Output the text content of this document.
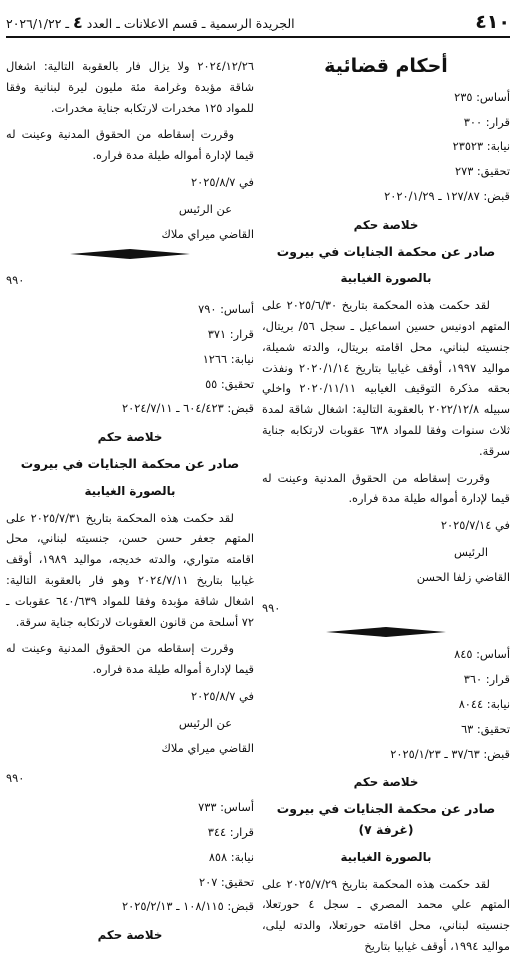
٤١٠
الجريدة الرسمية ـ قسم الاعلانات ـ العدد ٤ ـ ٢٠٢٦/١/٢٢
أحكام قضائية
أساس: ٢٣٥
قرار: ٣٠٠
نيابة: ٢٣٥٢٣
تحقيق: ٢٧٣
قبض: ١٢٧/٨٧ ـ ٢٠٢٠/١/٢٩
خلاصة حكم
صادر عن محكمة الجنايات في بيروت
بالصورة الغيابية

لقد حكمت هذه المحكمة بتاريخ ٢٠٢٥/٦/٣٠ على المتهم ادونيس حسين اسماعيل ـ سجل ٥٦/ بريتال، جنسيته لبناني، محل اقامته بريتال، والدته شميلة، مواليد ١٩٩٧، أوقف غيابيا بتاريخ ٢٠٢٠/١/١٤ ونفذت بحقه مذكرة التوقيف الغيابيه ٢٠٢٠/١١/١١ واخلي سبيله ٢٠٢٢/١٢/٨ بالعقوبة التالية: اشغال شاقة لمدة ثلاث سنوات وفقا للمواد ٦٣٨ عقوبات لارتكابه جناية سرقة.

وقررت إسقاطه من الحقوق المدنية وعينت له قيما لإدارة أمواله طيلة مدة فراره.

في ٢٠٢٥/٧/١٤
الرئيس
القاضي زلفا الحسن
٩٩٠
أساس: ٨٤٥
قرار: ٣٦٠
نيابة: ٨٠٤٤
تحقيق: ٦٣
قبض: ٣٧/٦٣ ـ ٢٠٢٥/١/٢٣
خلاصة حكم
صادر عن محكمة الجنايات في بيروت (غرفة ٧)
بالصورة الغيابية

لقد حكمت هذه المحكمة بتاريخ ٢٠٢٥/٧/٢٩ على المتهم علي محمد المصري ـ سجل ٤ حورتعلا، جنسيته لبناني، محل اقامته حورتعلا، والدته ليلى، مواليد ١٩٩٤، أوقف غيابيا بتاريخ

٢٠٢٤/١٢/٢٦ ولا يزال فار بالعقوبة التالية: اشغال شاقة مؤبدة وغرامة مئة مليون ليرة لبنانية وفقا للمواد ١٢٥ مخدرات لارتكابه جناية مخدرات.

وقررت إسقاطه من الحقوق المدنية وعينت له قيما لإدارة أمواله طيلة مدة فراره.

في ٢٠٢٥/٨/٧
عن الرئيس
القاضي ميراي ملاك
٩٩٠
أساس: ٧٩٠
قرار: ٣٧١
نيابة: ١٢٦٦
تحقيق: ٥٥
قبض: ٦٠٤/٤٢٣ ـ ٢٠٢٤/٧/١١
خلاصة حكم
صادر عن محكمة الجنايات في بيروت
بالصورة الغيابية

لقد حكمت هذه المحكمة بتاريخ ٢٠٢٥/٧/٣١ على المتهم جعفر حسن حسن، جنسيته لبناني، محل اقامته متواري، والدته خديجه، مواليد ١٩٨٩، أوقف غيابيا بتاريخ ٢٠٢٤/٧/١١ وهو فار بالعقوبة التالية: اشغال شاقة مؤبدة وفقا للمواد ٦٤٠/٦٣٩ عقوبات ـ ٧٢ أسلحة من قانون العقوبات لارتكابه جناية سرقة.

وقررت إسقاطه من الحقوق المدنية وعينت له قيما لإدارة أمواله طيلة مدة فراره.

في ٢٠٢٥/٨/٧
عن الرئيس
القاضي ميراي ملاك
٩٩٠
أساس: ٧٣٣
قرار: ٣٤٤
نيابة: ٨٥٨
تحقيق: ٢٠٧
قبض: ١٠٨/١١٥ ـ ٢٠٢٥/٢/١٣
خلاصة حكم
